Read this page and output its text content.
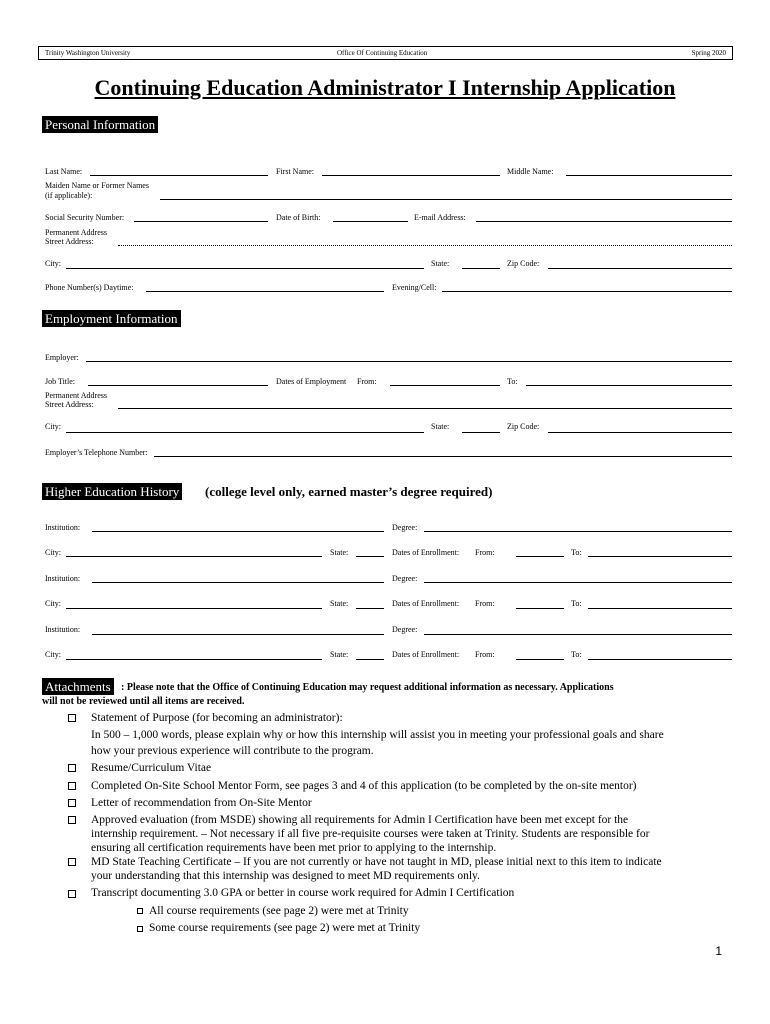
Trinity Washington University	Office Of Continuing Education	Spring 2020
Continuing Education Administrator I Internship Application
Personal Information
Last Name:	First Name:	Middle Name:
Maiden Name or Former Names
(if applicable):
Social Security Number:	Date of Birth:	E-mail Address:
Permanent Address
Street Address:
City:	State:	Zip Code:
Phone Number(s) Daytime:	Evening/Cell:
Employment Information
Employer:
Job Title:	Dates of Employment From:	To:
Permanent Address
Street Address:
City:	State:	Zip Code:
Employer’s Telephone Number:
Higher Education History (college level only, earned master’s degree required)
Institution:	Degree:
City:	State:	Dates of Enrollment: From:	To:
Institution:	Degree:
City:	State:	Dates of Enrollment: From:	To:
Institution:	Degree:
City:	State:	Dates of Enrollment: From:	To:
Attachments	: Please note that the Office of Continuing Education may request additional information as necessary. Applications
will not be reviewed until all items are received.
Statement of Purpose (for becoming an administrator):
In 500 – 1,000 words, please explain why or how this internship will assist you in meeting your professional goals and share
how your previous experience will contribute to the program.
Resume/Curriculum Vitae
Completed On-Site School Mentor Form, see pages 3 and 4 of this application (to be completed by the on-site mentor)
Letter of recommendation from On-Site Mentor
Approved evaluation (from MSDE) showing all requirements for Admin I Certification have been met except for the
internship requirement. – Not necessary if all five pre-requisite courses were taken at Trinity. Students are responsible for
ensuring all certification requirements have been met prior to applying to the internship.
MD State Teaching Certificate – If you are not currently or have not taught in MD, please initial next to this item to indicate
your understanding that this internship was designed to meet MD requirements only.
Transcript documenting 3.0 GPA or better in course work required for Admin I Certification
All course requirements (see page 2) were met at Trinity
Some course requirements (see page 2) were met at Trinity
1
